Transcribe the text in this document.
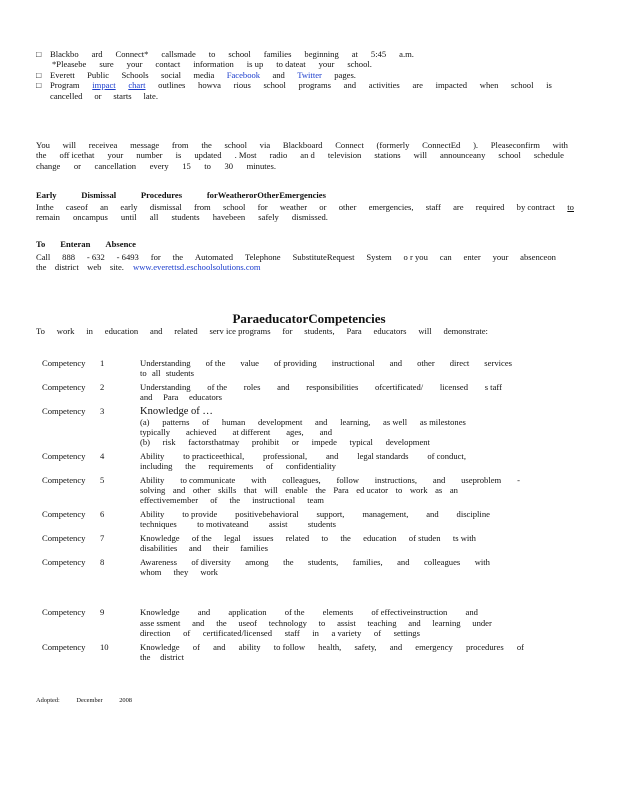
□	Blackbo ard Connect* callsmade to school families beginning at 5:45 a.m.
*Pleasebe sure your contact information is up to dateat your school.
□	Everett Public Schools social media Facebook and Twitter pages.
□	Program impact chart outlines howva rious school programs and activities are impacted when school is
cancelled or starts late.
You will receivea message from the school via Blackboard Connect (formerly ConnectEd ). Pleaseconfirm with
the off icethat your number is updated . Most radio an d television stations will announceany school schedule
change or cancellation every 15 to 30 minutes.
Early	Dismissal	Procedures	forWeatherorOtherEmergencies
Inthe caseof an early dismissal from school for weather or other emergencies, staff are required by contract to
remain oncampus until all students havebeen safely dismissed.
To Enteran Absence
Call 888 - 632 - 6493 for the Automated Telephone SubstituteRequest System o r you can enter your absenceon
the district web site. www.everettsd.eschoolsolutions.com
ParaeducatorCompetencies
To work in education and related serv ice programs for students, Para educators will demonstrate:
Competency	1	Understanding of the value of providing instructional and other direct services
to all students
Competency	2	Understanding of the roles and responsibilities ofcertificated/ licensed s taff
and Para educators
Competency	3	Knowledge of …
(a) patterns of human development and learning, as well as milestones
typically achieved at different ages, and
(b) risk factorsthatmay prohibit or impede typical development
Competency	4	Ability to practiceethical, professional, and legal standards of conduct,
including the requirements of confidentiality
Competency	5	Ability to communicate with colleagues, follow instructions, and useproblem -
solving and other skills that will enable the Para ed ucator to work as an
effectivemember of the instructional team
Competency	6	Ability to provide positivebehavioral support, management, and discipline
techniques to motivateand assist students
Competency	7	Knowledge of the legal issues related to the education of studen ts with
disabilities and their families
Competency	8	Awareness of diversity among the students, families, and colleagues with
whom they work
Competency	9	Knowledge and application of the elements of effectiveinstruction and
asse ssment and the useof technology to assist teaching and learning under
direction of certificated/licensed staff in a variety of settings
Competency	10	Knowledge of and ability to follow health, safety, and emergency procedures of
the district
Adopted:	December	2008
